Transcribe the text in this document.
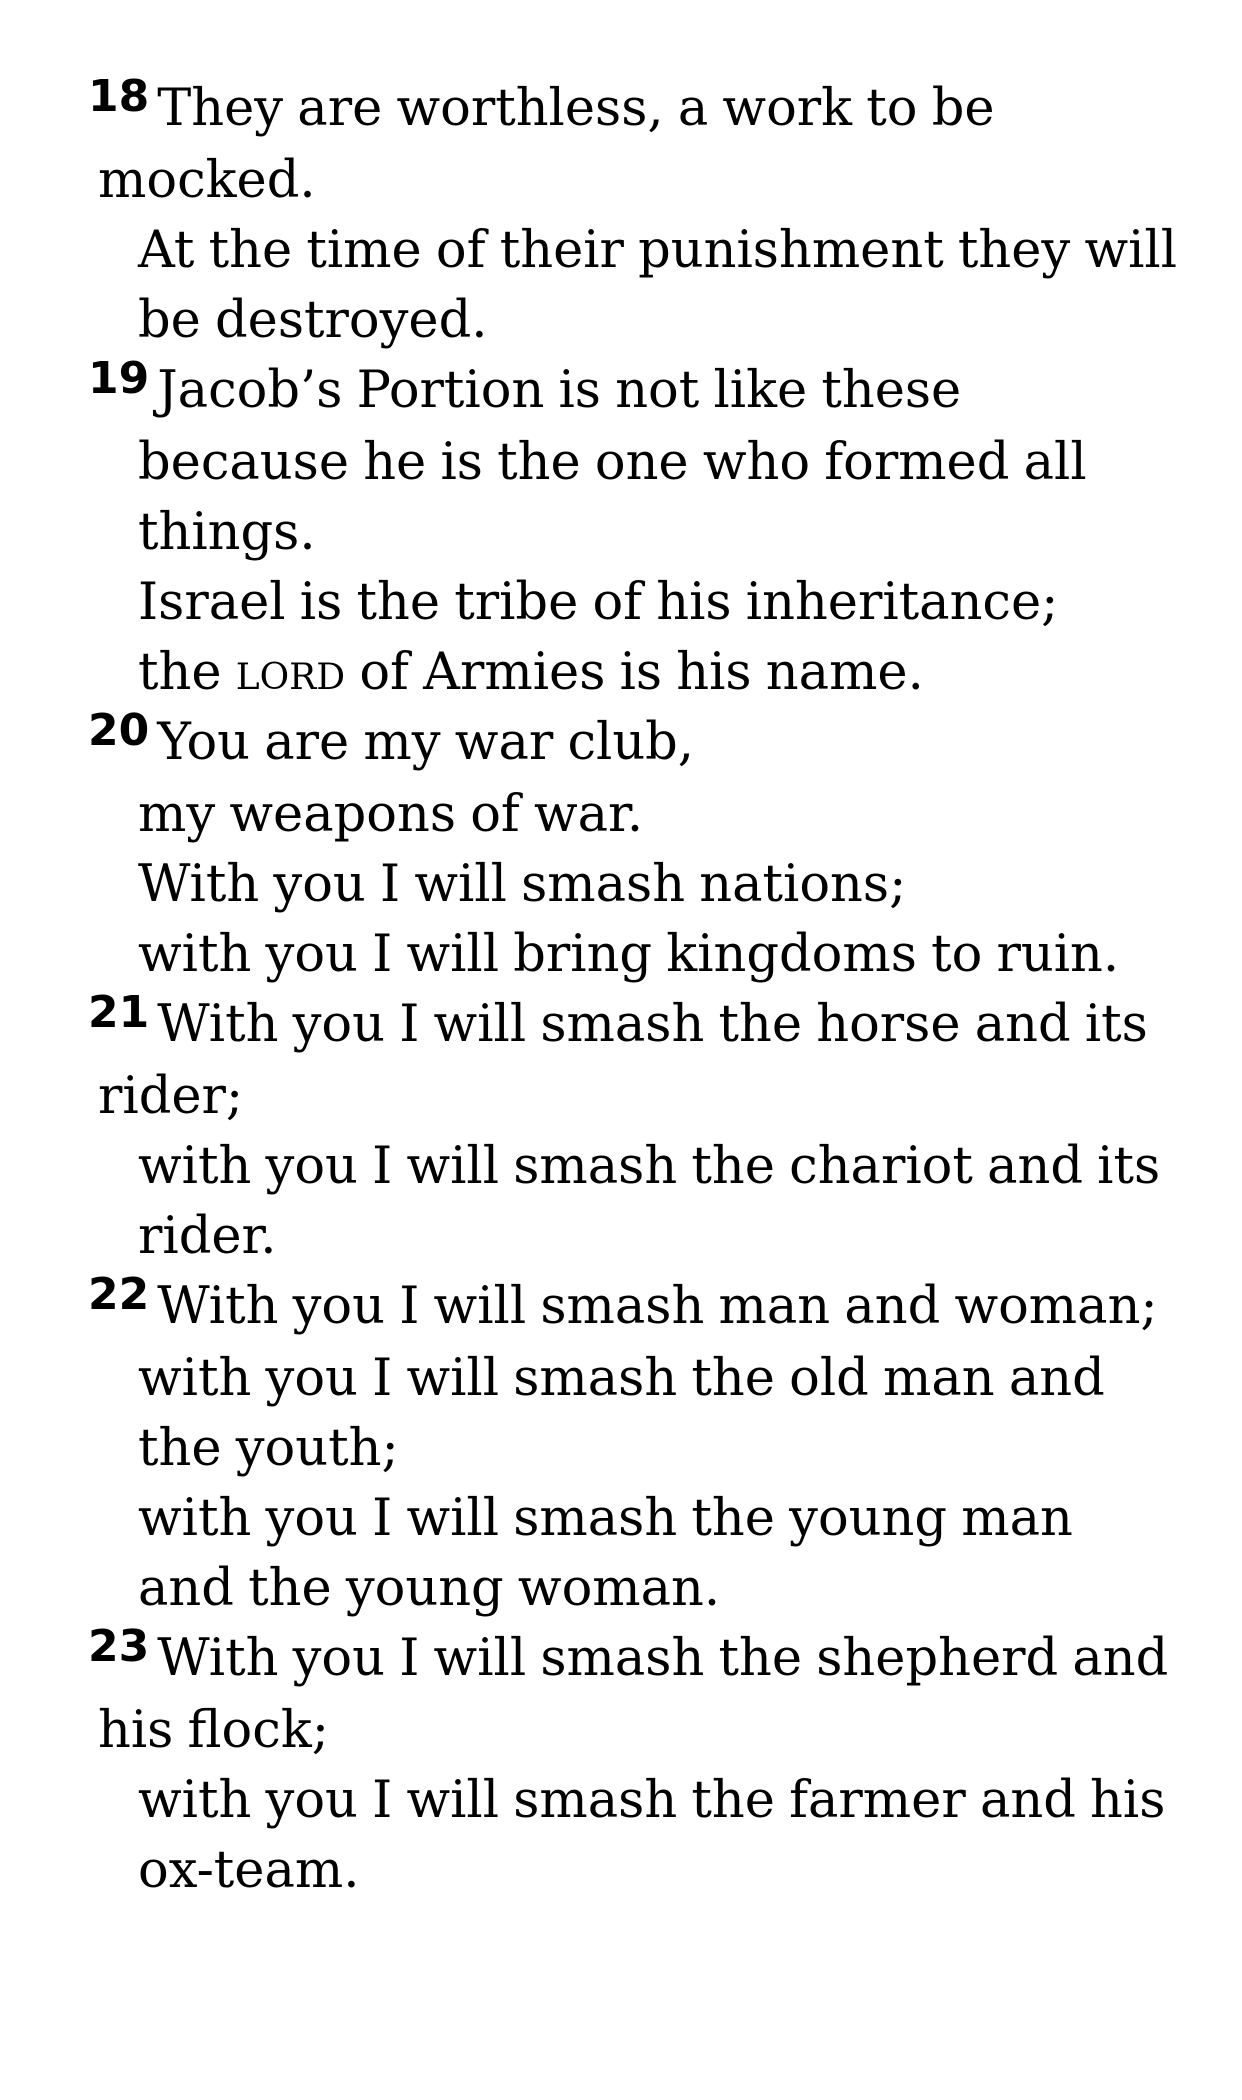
18 They are worthless, a work to be mocked.
At the time of their punishment they will be destroyed.
19 Jacob’s Portion is not like these
because he is the one who formed all things.
Israel is the tribe of his inheritance;
the lord of Armies is his name.
20 You are my war club,
my weapons of war.
With you I will smash nations;
with you I will bring kingdoms to ruin.
21 With you I will smash the horse and its rider;
with you I will smash the chariot and its rider.
22 With you I will smash man and woman;
with you I will smash the old man and the youth;
with you I will smash the young man and the young woman.
23 With you I will smash the shepherd and his flock;
with you I will smash the farmer and his ox-team.
